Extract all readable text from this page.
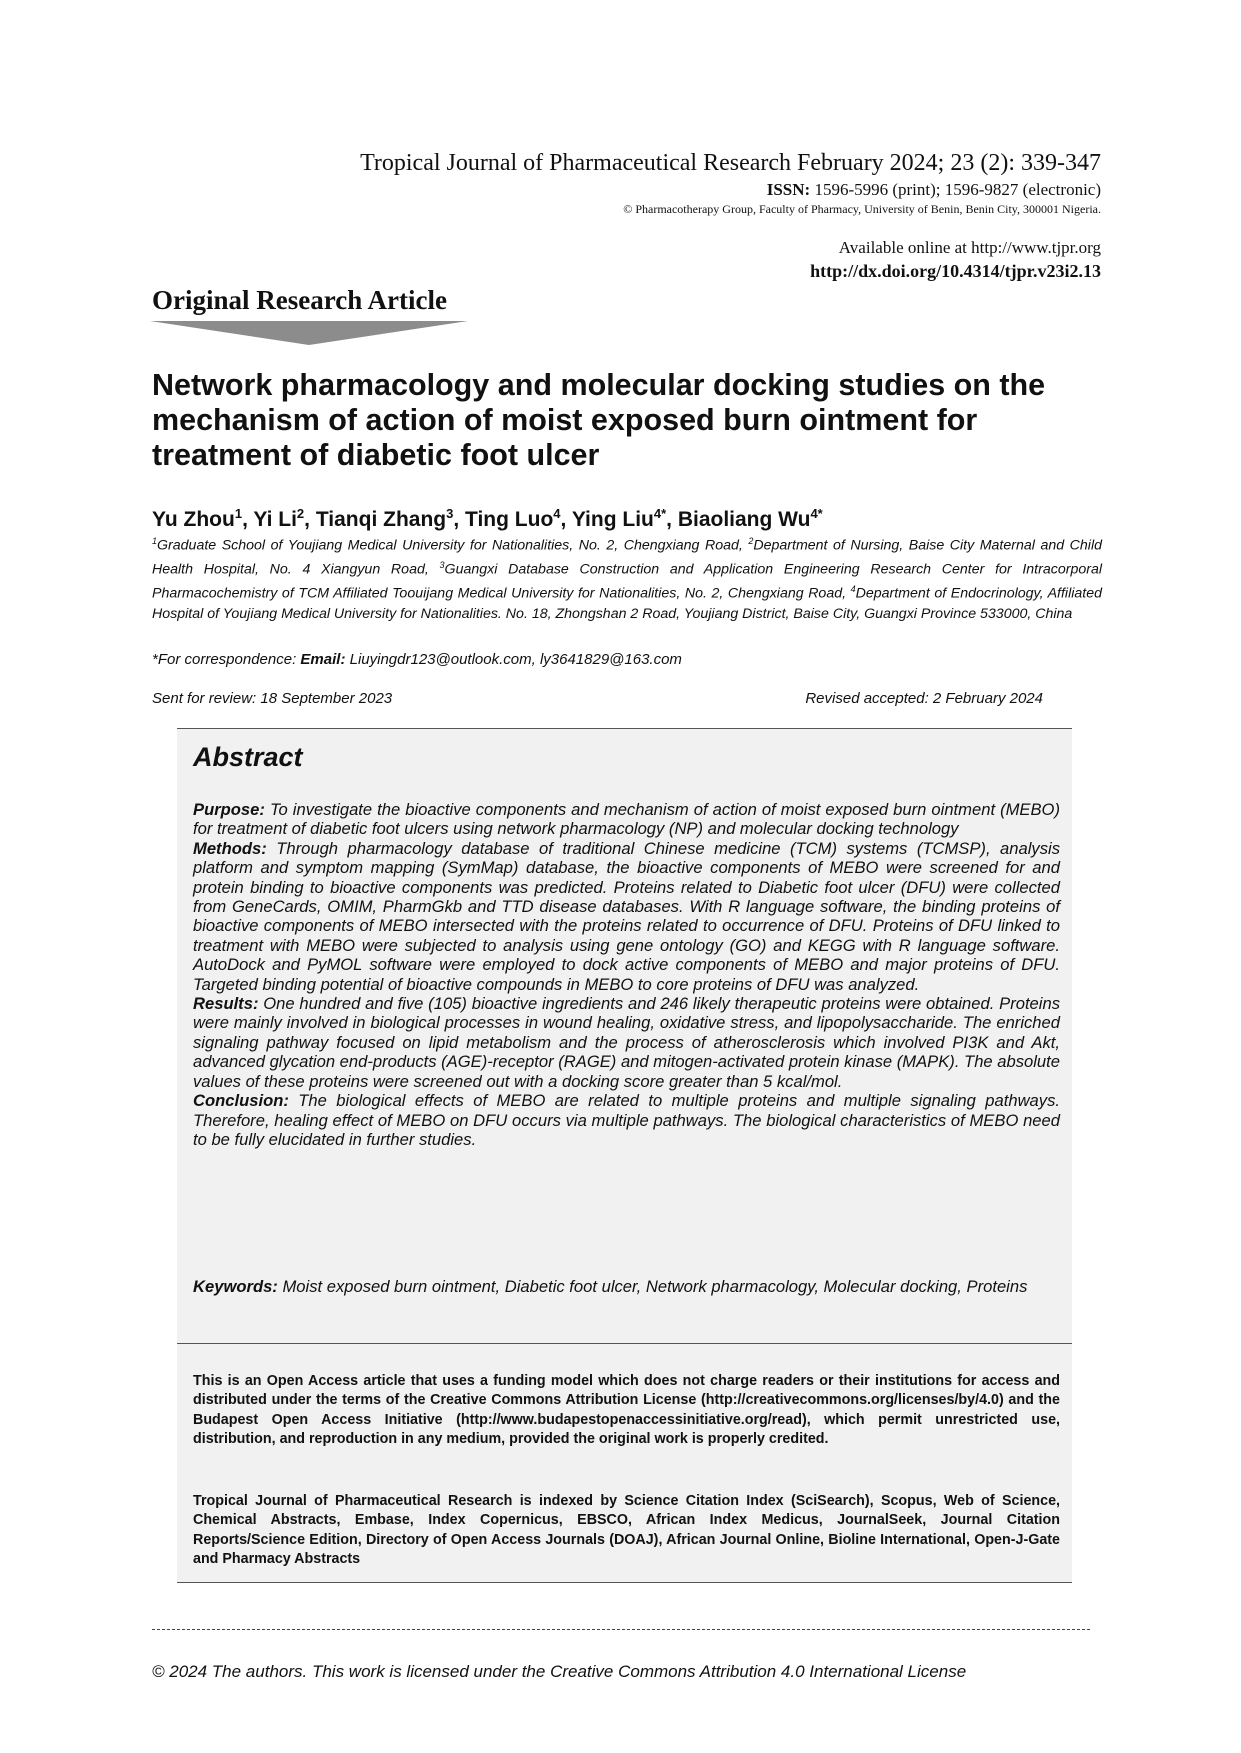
Tropical Journal of Pharmaceutical Research February 2024; 23 (2): 339-347
ISSN: 1596-5996 (print); 1596-9827 (electronic)
© Pharmacotherapy Group, Faculty of Pharmacy, University of Benin, Benin City, 300001 Nigeria.
Available online at http://www.tjpr.org
http://dx.doi.org/10.4314/tjpr.v23i2.13
Original Research Article
Network pharmacology and molecular docking studies on the mechanism of action of moist exposed burn ointment for treatment of diabetic foot ulcer
Yu Zhou$^1$, Yi Li$^2$, Tianqi Zhang$^3$, Ting Luo$^4$, Ying Liu$^{4*}$, Biaoliang $Wu^{4*}$

$^1$Graduate School of Youjiang Medical University for Nationalities, No. 2, Chengxiang Road, $^2$Department of Nursing, Baise City Maternal and Child Health Hospital, No. 4 Xiangyun Road, $^3$Guangxi Database Construction and Application Engineering Research Center for Intracorporal Pharmacochemistry of TCM Affiliated Toouijang Medical University for Nationalities, No. 2, Chengxiang Road, $^4$Department of Endocrinology, Affiliated Hospital of Youjiang Medical University for Nationalities. No. 18, Zhongshan 2 Road, Youjiang District, Baise City, Guangxi Province 533000, China

*For correspondence: Email: Liuyingdr123@outlook.com, ly3641829@163.com
Sent for review: 18 September 2023	Revised accepted: 2 February 2024
Abstract

Purpose: To investigate the bioactive components and mechanism of action of moist exposed burn ointment (MEBO) for treatment of diabetic foot ulcers using network pharmacology (NP) and molecular docking technology

Methods: Through pharmacology database of traditional Chinese medicine (TCM) systems (TCMSP), analysis platform and symptom mapping (SymMap) database, the bioactive components of MEBO were screened for and protein binding to bioactive components was predicted. Proteins related to Diabetic foot ulcer (DFU) were collected from GeneCards, OMIM, PharmGkb and TTD disease databases. With R language software, the binding proteins of bioactive components of MEBO intersected with the proteins related to occurrence of DFU. Proteins of DFU linked to treatment with MEBO were subjected to analysis using gene ontology (GO) and KEGG with R language software. AutoDock and PyMOL software were employed to dock active components of MEBO and major proteins of DFU. Targeted binding potential of bioactive compounds in MEBO to core proteins of DFU was analyzed.

Results: One hundred and five (105) bioactive ingredients and 246 likely therapeutic proteins were obtained. Proteins were mainly involved in biological processes in wound healing, oxidative stress, and lipopolysaccharide. The enriched signaling pathway focused on lipid metabolism and the process of atherosclerosis which involved PI3K and Akt, advanced glycation end-products (AGE)-receptor (RAGE) and mitogen-activated protein kinase (MAPK). The absolute values of these proteins were screened out with a docking score greater than 5 kcal/mol.

Conclusion: The biological effects of MEBO are related to multiple proteins and multiple signaling pathways. Therefore, healing effect of MEBO on DFU occurs via multiple pathways. The biological characteristics of MEBO need to be fully elucidated in further studies.

Keywords: Moist exposed burn ointment, Diabetic foot ulcer, Network pharmacology, Molecular docking, Proteins

This is an Open Access article that uses a funding model which does not charge readers or their institutions for access and distributed under the terms of the Creative Commons Attribution License (http://creativecommons.org/licenses/by/4.0) and the Budapest Open Access Initiative (http://www.budapestopenaccessinitiative.org/read), which permit unrestricted use, distribution, and reproduction in any medium, provided the original work is properly credited.

Tropical Journal of Pharmaceutical Research is indexed by Science Citation Index (SciSearch), Scopus, Web of Science, Chemical Abstracts, Embase, Index Copernicus, EBSCO, African Index Medicus, JournalSeek, Journal Citation Reports/Science Edition, Directory of Open Access Journals (DOAJ), African Journal Online, Bioline International, Open-J-Gate and Pharmacy Abstracts

© 2024 The authors. This work is licensed under the Creative Commons Attribution 4.0 International License
